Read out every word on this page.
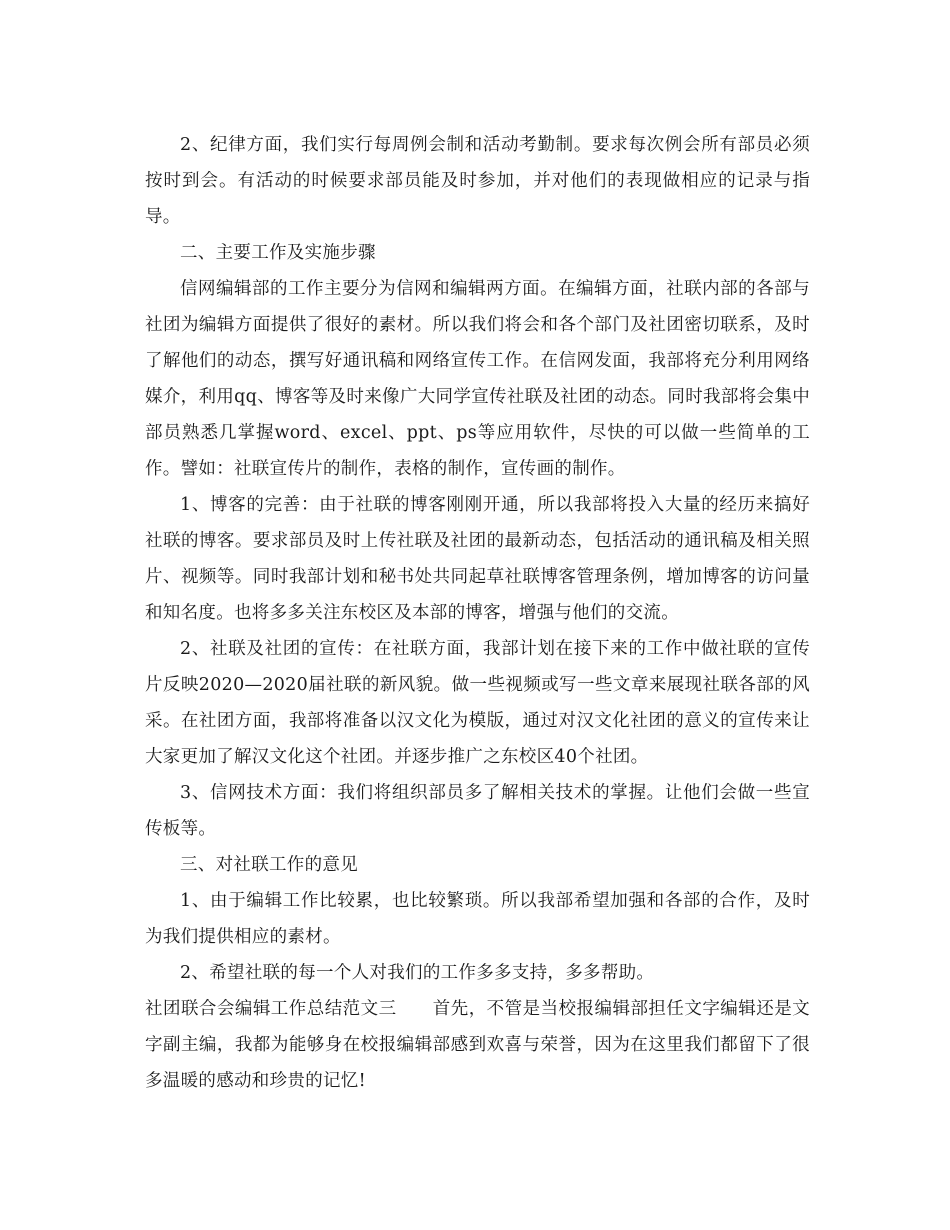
2、纪律方面，我们实行每周例会制和活动考勤制。要求每次例会所有部员必须按时到会。有活动的时候要求部员能及时参加，并对他们的表现做相应的记录与指导。

二、主要工作及实施步骤

信网编辑部的工作主要分为信网和编辑两方面。在编辑方面，社联内部的各部与社团为编辑方面提供了很好的素材。所以我们将会和各个部门及社团密切联系，及时了解他们的动态，撰写好通讯稿和网络宣传工作。在信网发面，我部将充分利用网络媒介，利用qq、博客等及时来像广大同学宣传社联及社团的动态。同时我部将会集中部员熟悉几掌握word、excel、ppt、ps等应用软件，尽快的可以做一些简单的工作。譬如：社联宣传片的制作，表格的制作，宣传画的制作。

1、博客的完善：由于社联的博客刚刚开通，所以我部将投入大量的经历来搞好社联的博客。要求部员及时上传社联及社团的最新动态，包括活动的通讯稿及相关照片、视频等。同时我部计划和秘书处共同起草社联博客管理条例，增加博客的访问量和知名度。也将多多关注东校区及本部的博客，增强与他们的交流。

2、社联及社团的宣传：在社联方面，我部计划在接下来的工作中做社联的宣传片反映2020—2020届社联的新风貌。做一些视频或写一些文章来展现社联各部的风采。在社团方面，我部将准备以汉文化为模版，通过对汉文化社团的意义的宣传来让大家更加了解汉文化这个社团。并逐步推广之东校区40个社团。

3、信网技术方面：我们将组织部员多了解相关技术的掌握。让他们会做一些宣传板等。

三、对社联工作的意见

1、由于编辑工作比较累，也比较繁琐。所以我部希望加强和各部的合作，及时为我们提供相应的素材。

2、希望社联的每一个人对我们的工作多多支持，多多帮助。

社团联合会编辑工作总结范文三 首先，不管是当校报编辑部担任文字编辑还是文字副主编，我都为能够身在校报编辑部感到欢喜与荣誉，因为在这里我们都留下了很多温暖的感动和珍贵的记忆!
